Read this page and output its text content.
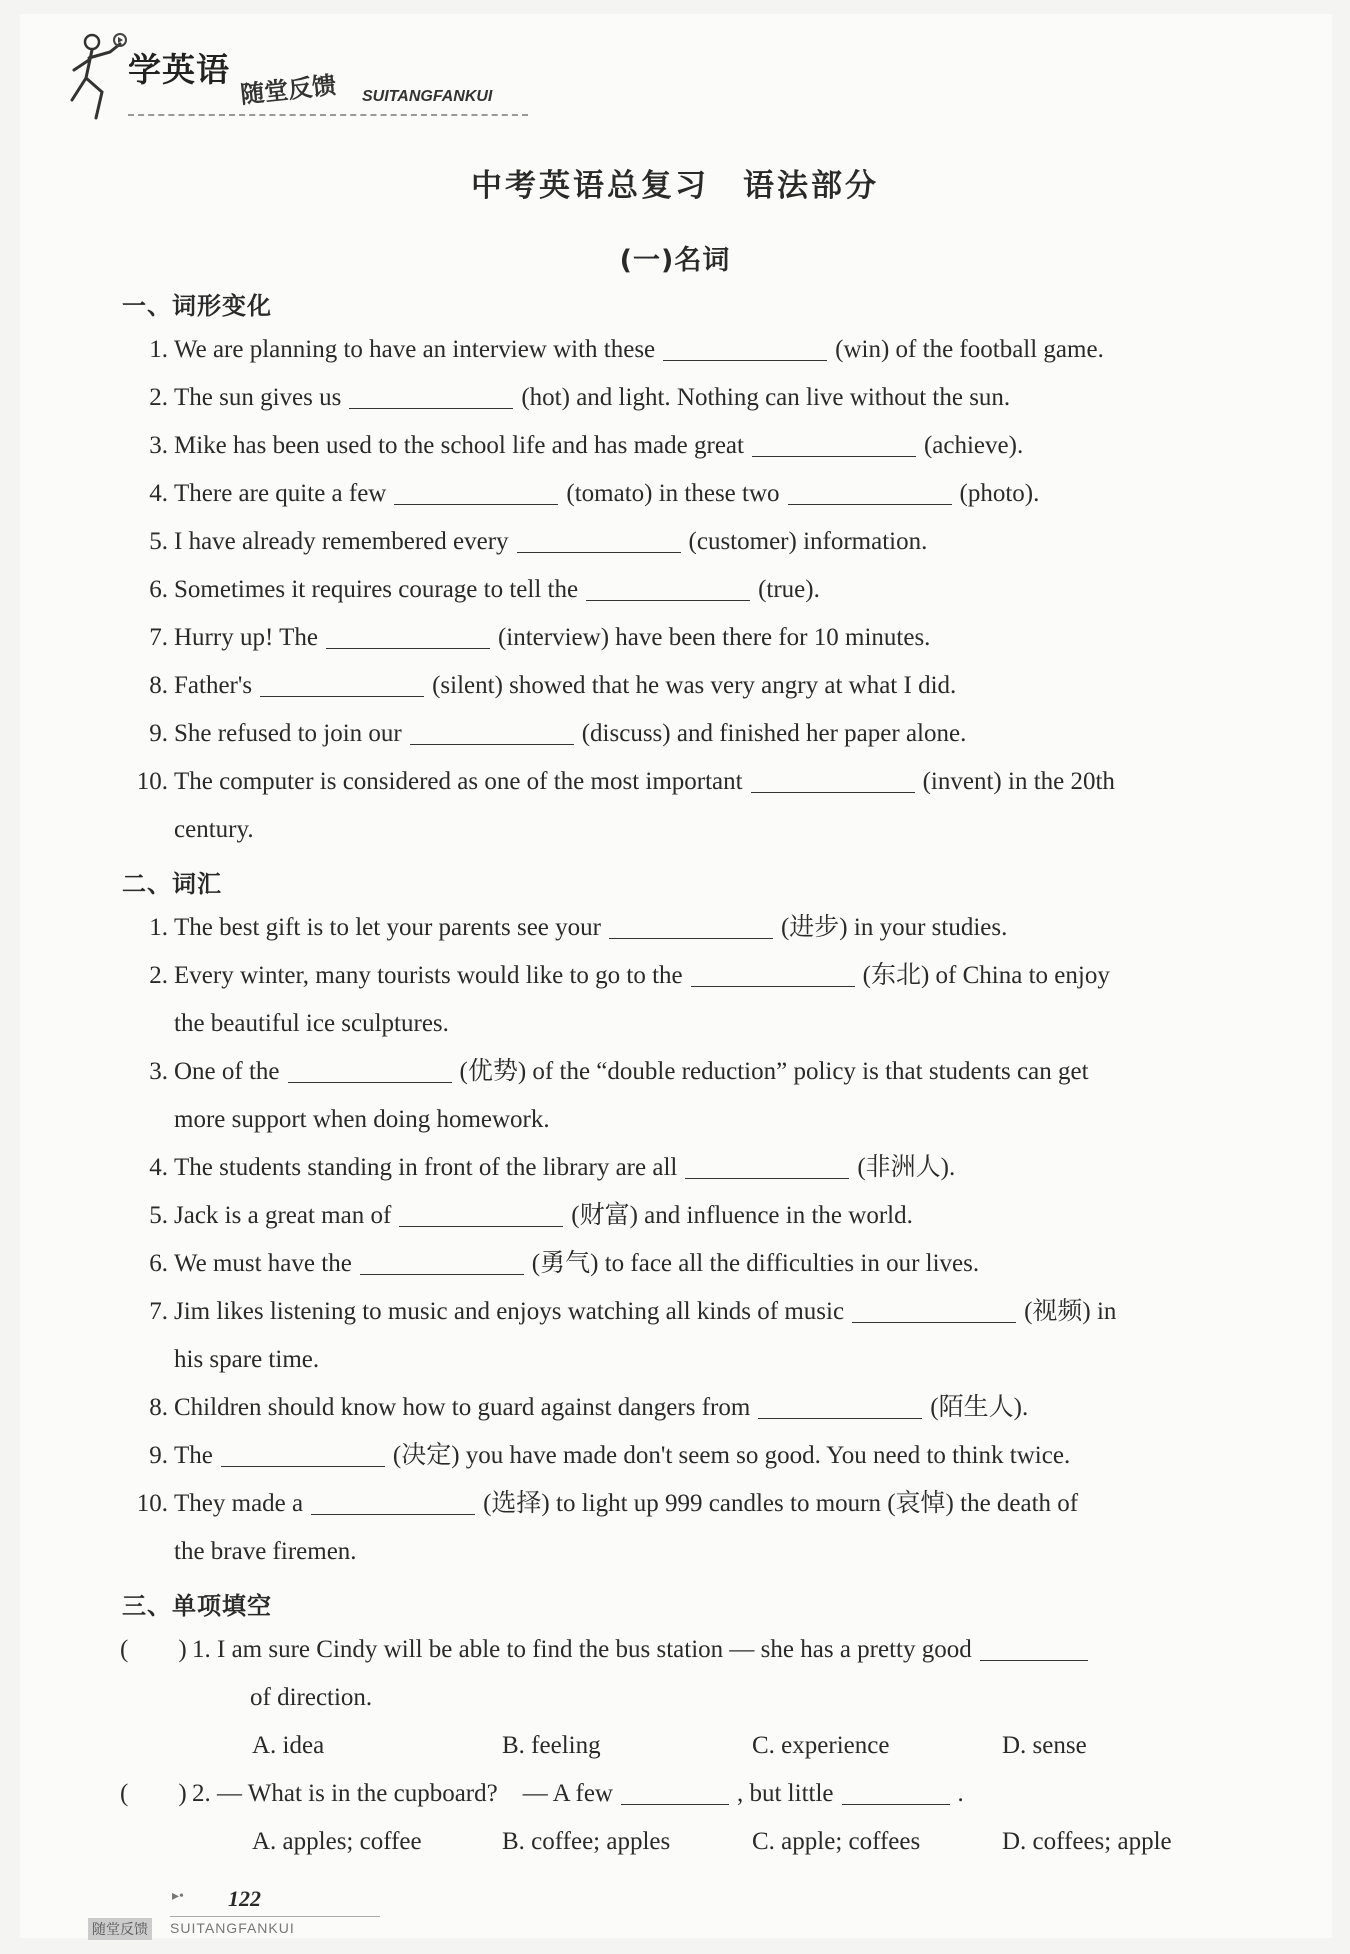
学英语
随堂反馈 SUITANGFANKUI
中考英语总复习　语法部分
(一)名词
一、词形变化
1. We are planning to have an interview with these	(win) of the football game.
2. The sun gives us	(hot) and light. Nothing can live without the sun.
3. Mike has been used to the school life and has made great	(achieve).
4. There are quite a few	(tomato) in these two	(photo).
5. I have already remembered every	(customer) information.
6. Sometimes it requires courage to tell the	(true).
7. Hurry up! The	(interview) have been there for 10 minutes.
8. Father's	(silent) showed that he was very angry at what I did.
9. She refused to join our	(discuss) and finished her paper alone.
10. The computer is considered as one of the most important	(invent) in the 20th
century.
二、词汇
1. The best gift is to let your parents see your	(进步) in your studies.
2. Every winter, many tourists would like to go to the	(东北) of China to enjoy
the beautiful ice sculptures.
3. One of the	(优势) of the “double reduction” policy is that students can get
more support when doing homework.
4. The students standing in front of the library are all	(非洲人).
5. Jack is a great man of	(财富) and influence in the world.
6. We must have the	(勇气) to face all the difficulties in our lives.
7. Jim likes listening to music and enjoys watching all kinds of music	(视频) in
his spare time.
8. Children should know how to guard against dangers from	(陌生人).
9. The	(决定) you have made don't seem so good. You need to think twice.
10. They made a	(选择) to light up 999 candles to mourn (哀悼) the death of
the brave firemen.
三、单项填空
(　　) 1. I am sure Cindy will be able to find the bus station — she has a pretty good
of direction.
A. idea	B. feeling	C. experience	D. sense
(　　) 2. — What is in the cupboard?　— A few	, but little	.
A. apples; coffee	B. coffee; apples	C. apple; coffees	D. coffees; apple
▸• 122
随堂反馈 SUITANGFANKUI
